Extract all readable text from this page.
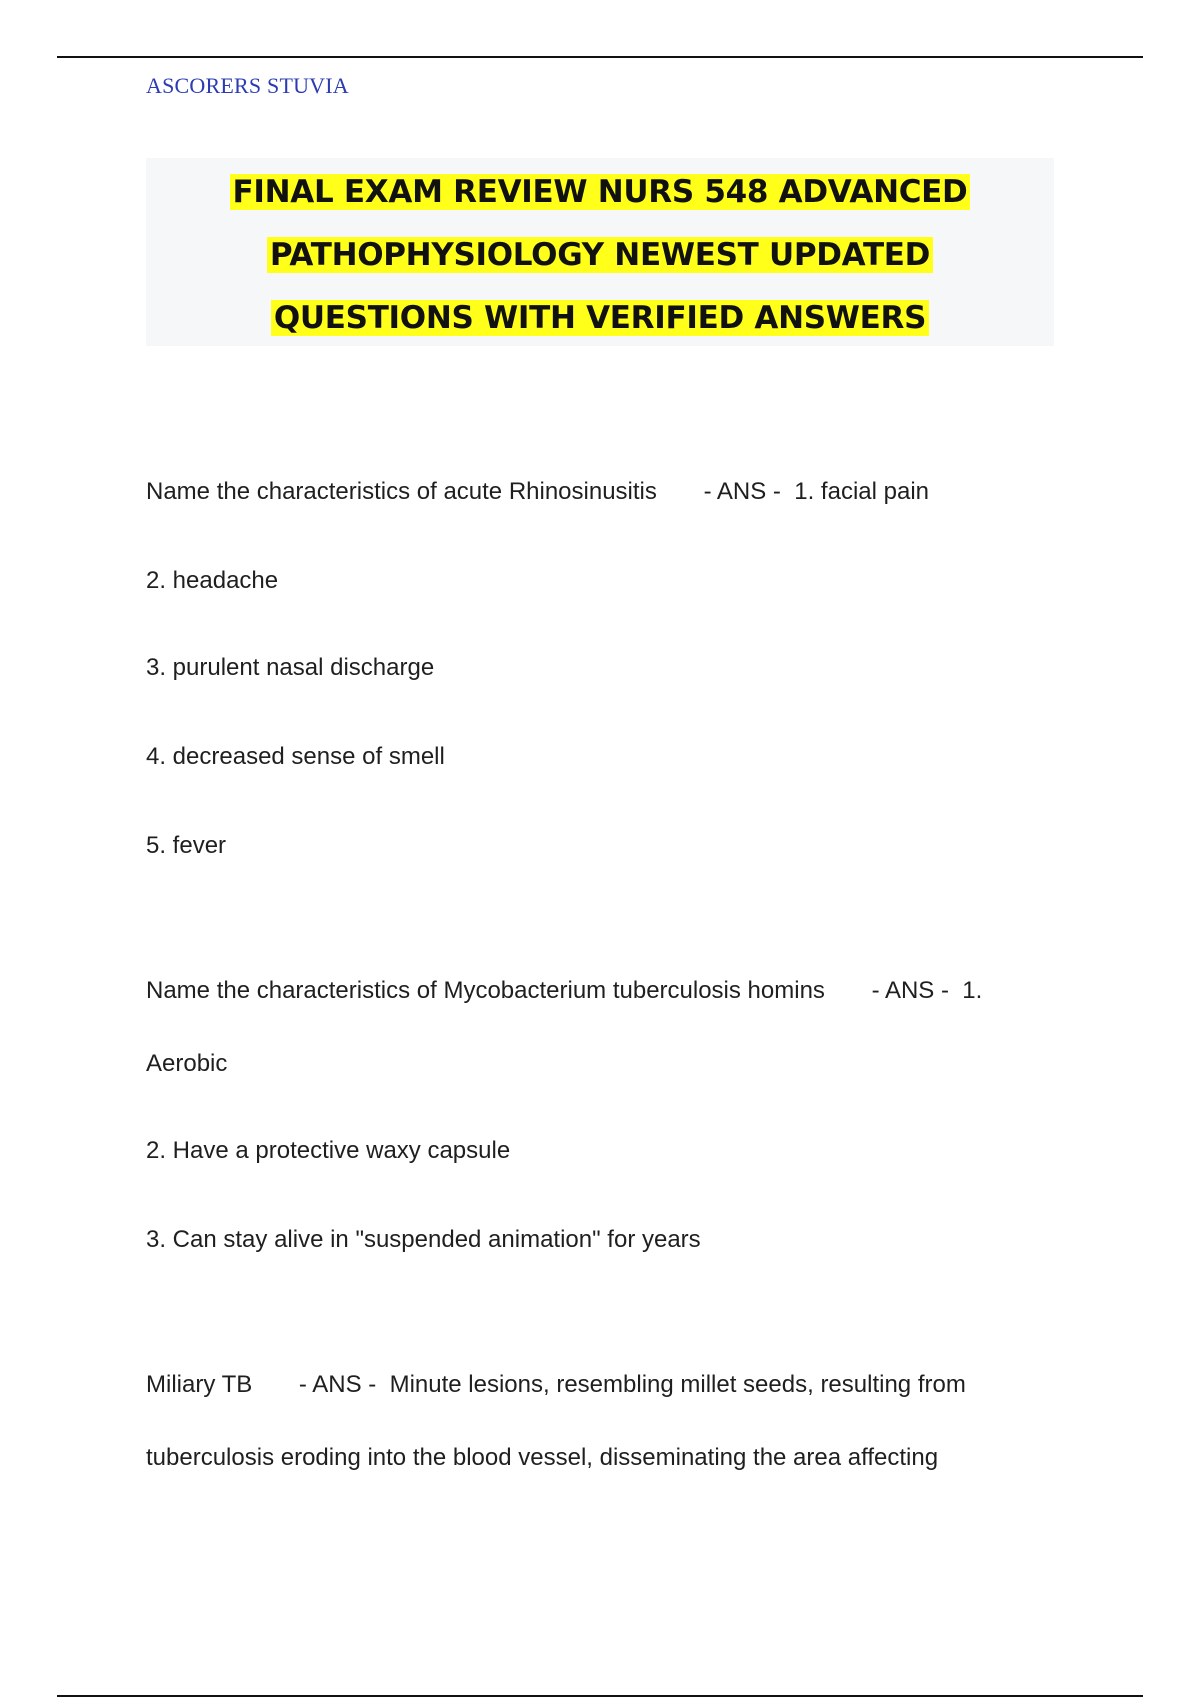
ASCORERS STUVIA
FINAL EXAM REVIEW NURS 548 ADVANCED
PATHOPHYSIOLOGY NEWEST UPDATED
QUESTIONS WITH VERIFIED ANSWERS
Name the characteristics of acute Rhinosinusitis       - ANS -  1. facial pain
2. headache
3. purulent nasal discharge
4. decreased sense of smell
5. fever
Name the characteristics of Mycobacterium tuberculosis homins       - ANS -  1.
Aerobic
2. Have a protective waxy capsule
3. Can stay alive in "suspended animation" for years
Miliary TB       - ANS -  Minute lesions, resembling millet seeds, resulting from
tuberculosis eroding into the blood vessel, disseminating the area affecting
